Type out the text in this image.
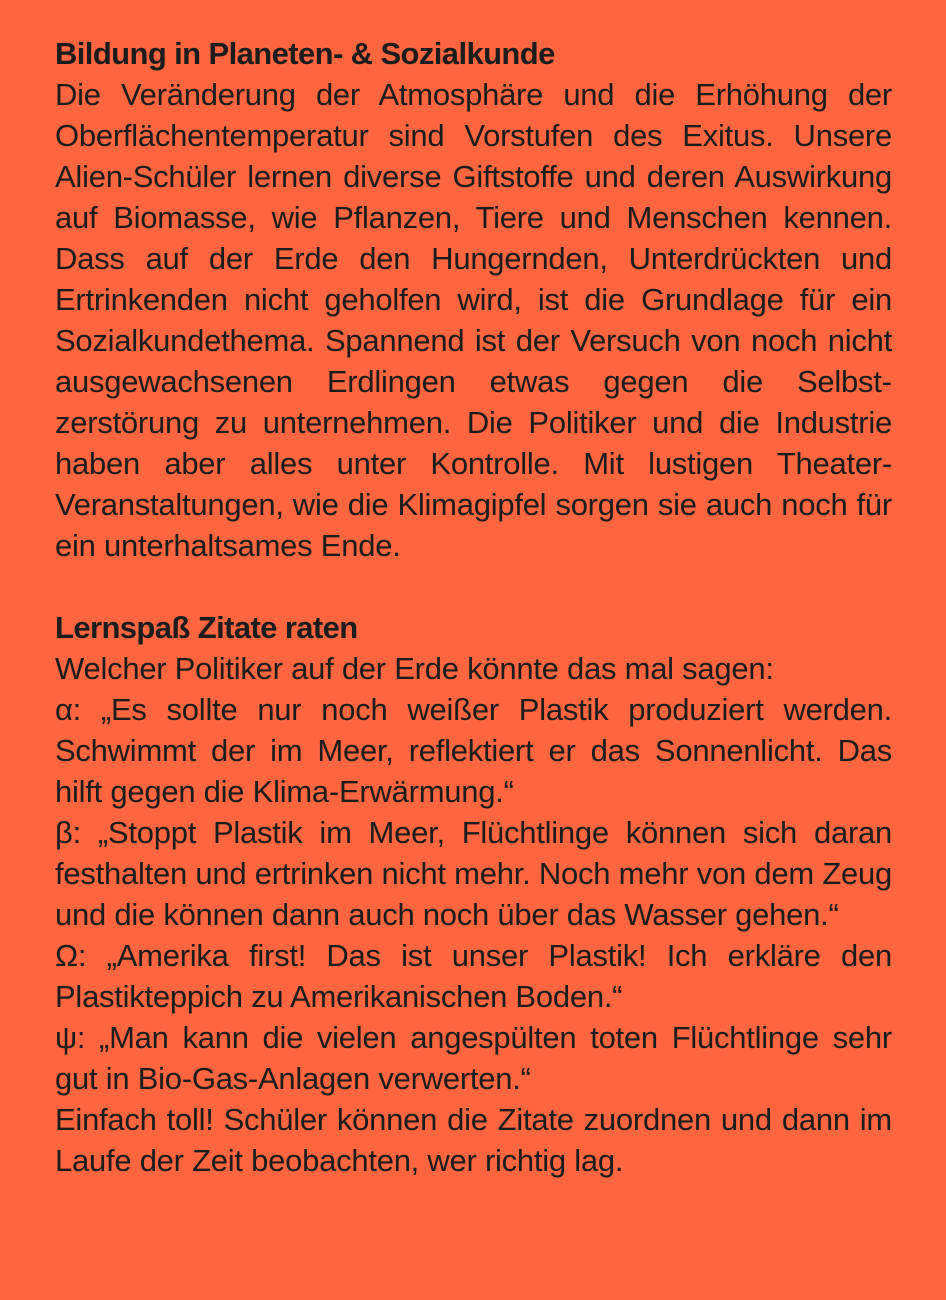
Bildung in Planeten- & Sozialkunde

Die Veränderung der Atmosphäre und die Erhöhung der Oberflächentemperatur sind Vorstufen des Exitus. Unsere Alien-Schüler lernen diverse Giftstoffe und deren Auswirkung auf Biomasse, wie Pflanzen, Tiere und Menschen kennen. Dass auf der Erde den Hungernden, Unterdrückten und Ertrinkenden nicht geholfen wird, ist die Grundlage für ein Sozialkundethema. Spannend ist der Versuch von noch nicht ausgewachsenen Erdlingen etwas gegen die Selbstzerstörung zu unternehmen. Die Politiker und die Industrie haben aber alles unter Kontrolle. Mit lustigen Theater-Veranstaltungen, wie die Klimagipfel sorgen sie auch noch für ein unterhaltsames Ende.

Lernspaß Zitate raten

Welcher Politiker auf der Erde könnte das mal sagen:

α: „Es sollte nur noch weißer Plastik produziert werden. Schwimmt der im Meer, reflektiert er das Sonnenlicht. Das hilft gegen die Klima-Erwärmung.“

β: „Stoppt Plastik im Meer, Flüchtlinge können sich daran festhalten und ertrinken nicht mehr. Noch mehr von dem Zeug und die können dann auch noch über das Wasser gehen.“

Ω: „Amerika first! Das ist unser Plastik! Ich erkläre den Plastikteppich zu Amerikanischen Boden.“

ψ: „Man kann die vielen angespülten toten Flüchtlinge sehr gut in Bio-Gas-Anlagen verwerten.“

Einfach toll! Schüler können die Zitate zuordnen und dann im Laufe der Zeit beobachten, wer richtig lag.
